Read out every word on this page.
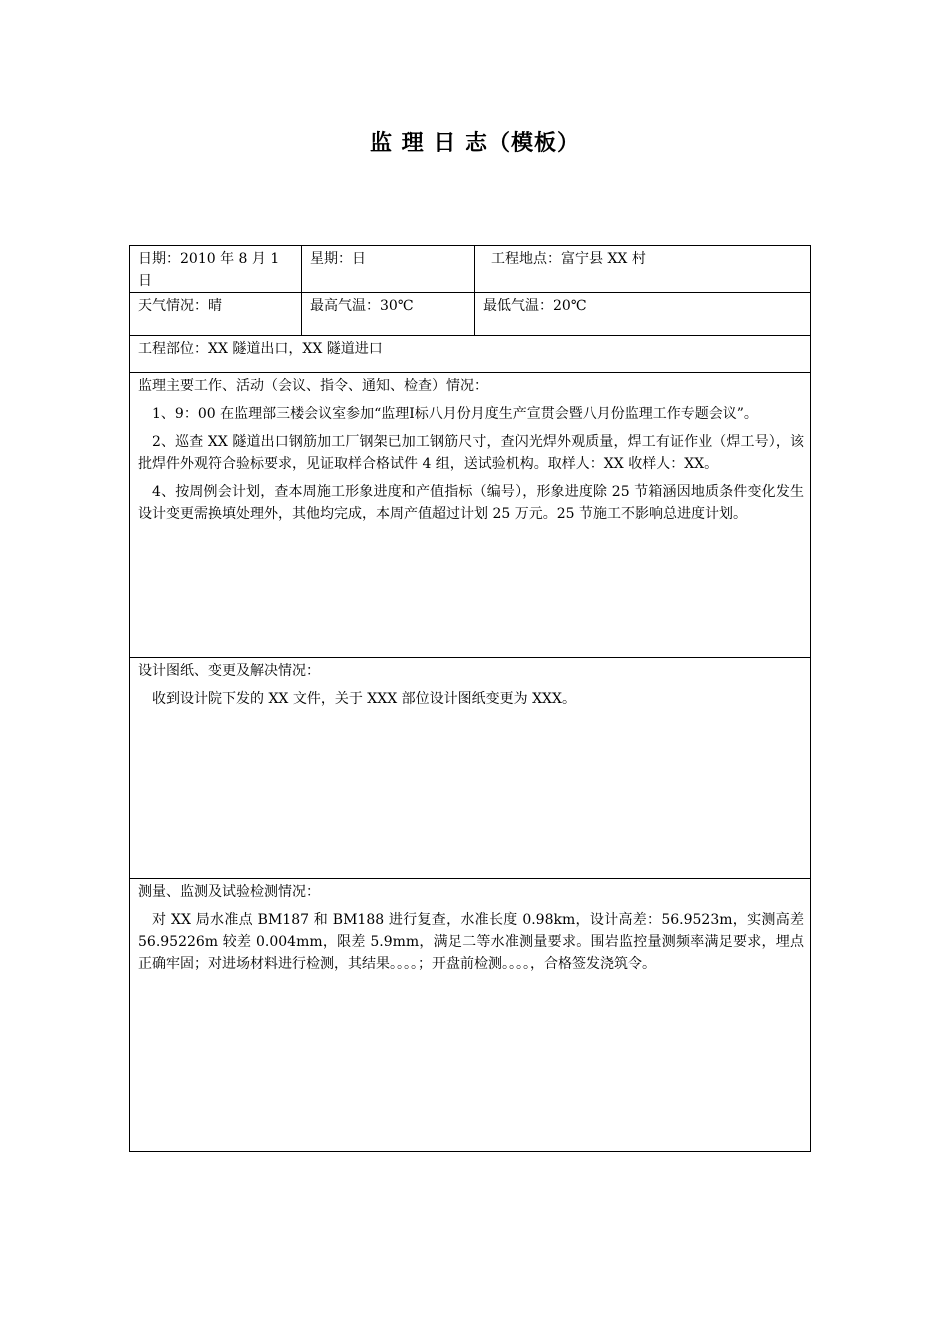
监 理 日 志（模板）
日期：2010 年 8 月 1 日	星期：日	工程地点：富宁县 XX 村
天气情况：晴	最高气温：30℃	最低气温：20℃
工程部位：XX 隧道出口，XX 隧道进口		

监理主要工作、活动（会议、指令、通知、检查）情况：

1、9：00 在监理部三楼会议室参加“监理Ⅰ标八月份月度生产宣贯会暨八月份监理工作专题会议”。

2、巡查 XX 隧道出口钢筋加工厂钢架已加工钢筋尺寸，查闪光焊外观质量，焊工有证作业（焊工号），该批焊件外观符合验标要求，见证取样合格试件 4 组，送试验机构。取样人：XX 收样人：XX。

4、按周例会计划，查本周施工形象进度和产值指标（编号），形象进度除 25 节箱涵因地质条件变化发生设计变更需换填处理外，其他均完成，本周产值超过计划 25 万元。25 节施工不影响总进度计划。		

设计图纸、变更及解决情况：

收到设计院下发的 XX 文件，关于 XXX 部位设计图纸变更为 XXX。		

测量、监测及试验检测情况：

对 XX 局水准点 BM187 和 BM188 进行复查，水准长度 0.98km，设计高差：56.9523m，实测高差 56.95226m 较差 0.004mm，限差 5.9mm，满足二等水准测量要求。围岩监控量测频率满足要求，埋点正确牢固；对进场材料进行检测，其结果。。。。；开盘前检测。。。。，合格签发浇筑令。		
